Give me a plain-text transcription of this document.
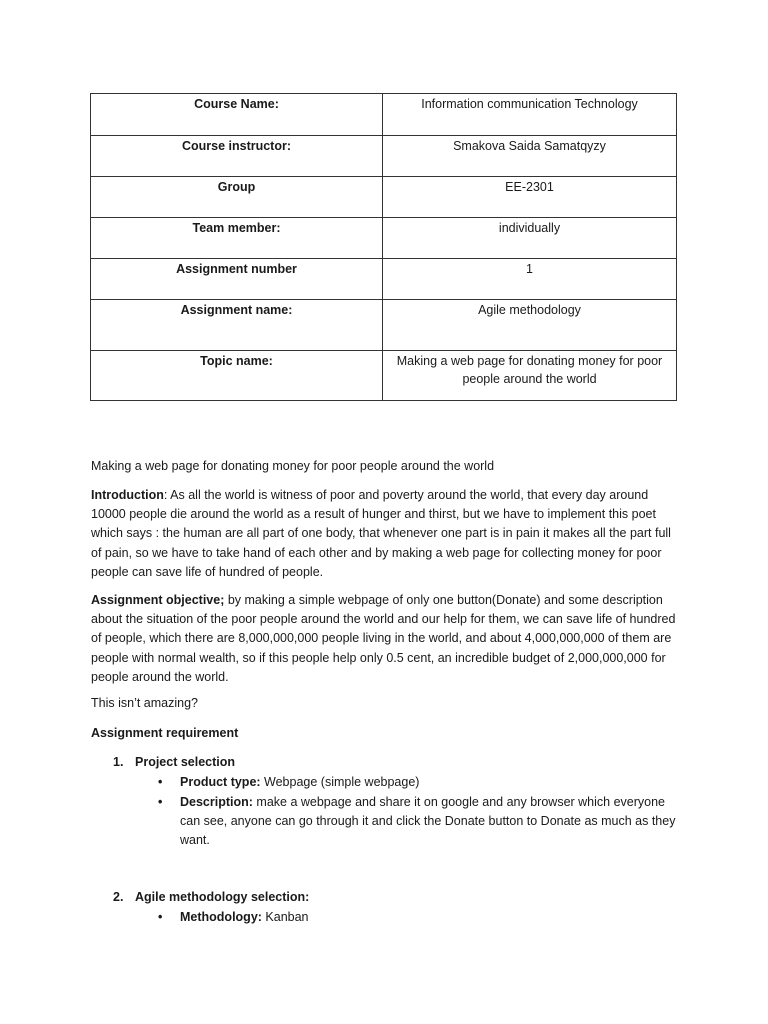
Course Name:	Information communication Technology

Course instructor:	Smakova Saida Samatqyzy

Group	EE-2301

Team member:	individually

Assignment number	1

Assignment name:	Agile methodology

Topic name:	Making a web page for donating money for poor people around the world

Making a web page for donating money for poor people around the world

Introduction: As all the world is witness of poor and poverty around the world, that every day around 10000 people die around the world as a result of hunger and thirst, but we have to implement this poet which says : the human are all part of one body, that whenever one part is in pain it makes all the part full of pain, so we have to take hand of each other and by making a web page for collecting money for poor people can save life of hundred of people.

Assignment objective; by making a simple webpage of only one button(Donate) and some description about the situation of the poor people around the world and our help for them, we can save life of hundred of people, which there are 8,000,000,000 people living in the world, and about 4,000,000,000 of them are people with normal wealth, so if this people help only 0.5 cent, an incredible budget of 2,000,000,000 for people around the world.

This isn’t amazing?

Assignment requirement

1. Project selection
• Product type: Webpage (simple webpage)
• Description: make a webpage and share it on google and any browser which everyone can see, anyone can go through it and click the Donate button to Donate as much as they want.
2. Agile methodology selection:
• Methodology: Kanban
